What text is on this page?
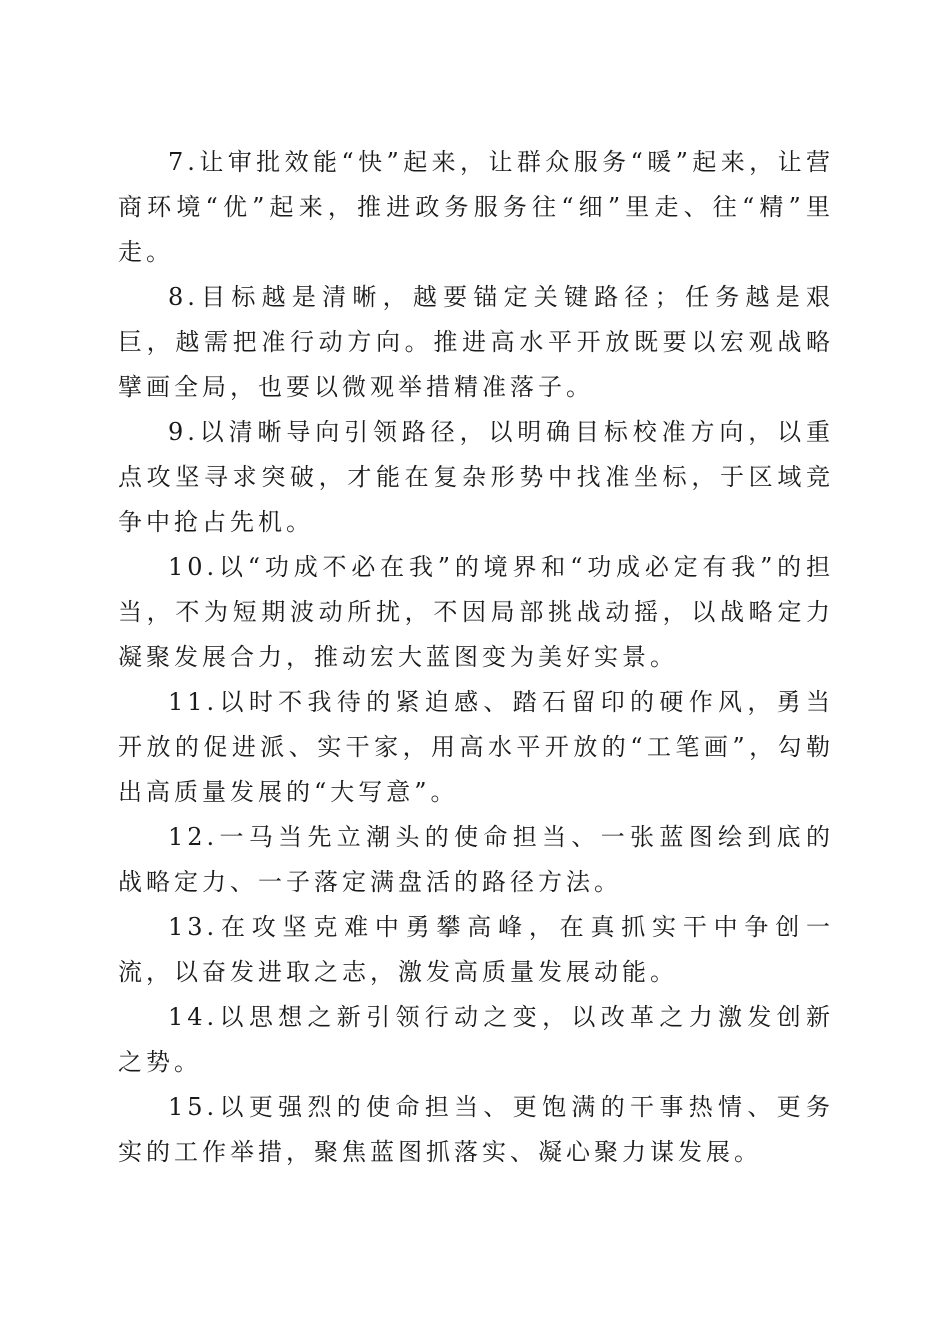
7.让审批效能“快”起来，让群众服务“暖”起来，让营商环境“优”起来，推进政务服务往“细”里走、往“精”里走。

8.目标越是清晰，越要锚定关键路径；任务越是艰巨，越需把准行动方向。推进高水平开放既要以宏观战略擘画全局，也要以微观举措精准落子。

9.以清晰导向引领路径，以明确目标校准方向，以重点攻坚寻求突破，才能在复杂形势中找准坐标，于区域竞争中抢占先机。

10.以“功成不必在我”的境界和“功成必定有我”的担当，不为短期波动所扰，不因局部挑战动摇，以战略定力凝聚发展合力，推动宏大蓝图变为美好实景。

11.以时不我待的紧迫感、踏石留印的硬作风，勇当开放的促进派、实干家，用高水平开放的“工笔画”，勾勒出高质量发展的“大写意”。

12.一马当先立潮头的使命担当、一张蓝图绘到底的战略定力、一子落定满盘活的路径方法。

13.在攻坚克难中勇攀高峰，在真抓实干中争创一流，以奋发进取之志，激发高质量发展动能。

14.以思想之新引领行动之变，以改革之力激发创新之势。

15.以更强烈的使命担当、更饱满的干事热情、更务实的工作举措，聚焦蓝图抓落实、凝心聚力谋发展。
